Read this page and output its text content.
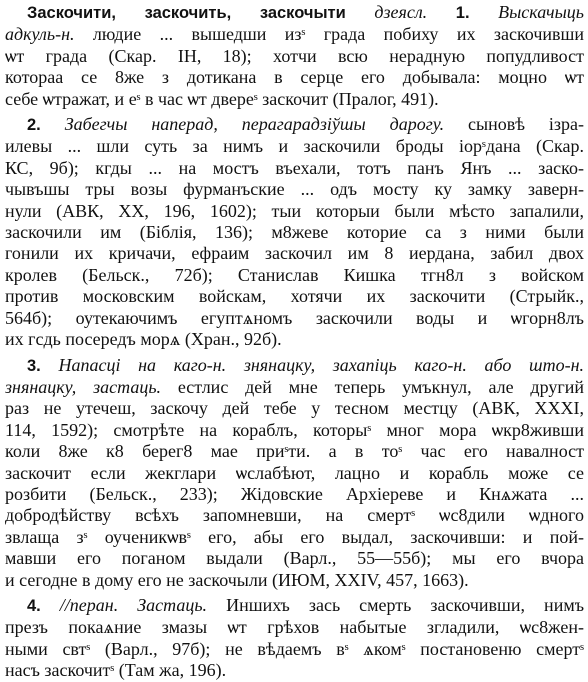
Заскочити, заскочить, заскочыти дзеясл. 1. Выскачыць
адкуль-н. людие ... вышедши изˢ града побиху их заскочивши
ѡт града (Скар. ІН, 18); хотчи всю нерадную попудливост
котораа се 8же з дотикана в серце его добывала: моцно ѡт
себе ѡтражат, и еˢ в час ѡт двереˢ заскочит (Пралог, 491).
2. Забегчы наперад, перагарадзіўшы дарогу. сыновѣ ізра-
илевы ... шли суть за нимъ и заскочили броды іорˢдана (Скар.
КС, 9б); кгды ... на мостъ въехали, тотъ панъ Янъ ... заско-
чывъшы тры возы фурманъские ... одъ мосту ку замку заверн-
нули (АВК, XX, 196, 1602); тыи которыи были мѣсто запалили,
заскочили им (Біблія, 136); м8жеве которие са з ними были
гонили их кричачи, ефраим заскочил им 8 иердана, забил двох
кролев (Бельск., 72б); Станислав Кишка тгн8л з войском
против московским войскам, хотячи их заскочити (Стрыйк.,
564б); оутекаючимъ егуптѧномъ заскочили воды и ѡгорн8лъ
их гсдь посередъ морѧ (Хран., 92б).
3. Напасці на каго-н. знянацку, захапіць каго-н. або што-н.
знянацку, застаць. естлис дей мне теперь умъкнул, але другий
раз не утечеш, заскочу дей тебе у тесном местцу (АВК, XXXI,
114, 1592); смотрѣте на кораблъ, которыˢ мног мора ѡкр8живши
коли 8же к8 берег8 мае приˢти. а в тоˢ час его навалност
заскочит если жекглари ѡслабѣют, лацно и корабль може се
розбити (Бельск., 233); Жідовские Архіереве и Кнѧжата ...
добродѣйству всѣхъ запомневши, на смертˢ ѡс8дили ѡдного
звлаща зˢ оученикѡвˢ его, абы его выдал, заскочивши: и пой-
мавши его поганом выдали (Варл., 55—55б); мы его вчора
и сегодне в дому его не заскочыли (ИЮМ, XXIV, 457, 1663).
4. //перан. Застаць. Иншихъ зась смерть заскочивши, нимъ
презъ покаѧние змазы ѡт грѣхов набытые згладили, ѡс8жен-
ными свтˢ (Варл., 97б); не вѣдаемъ вˢ ѧкомˢ постановеню смертˢ
насъ заскочитˢ (Там жа, 196).
